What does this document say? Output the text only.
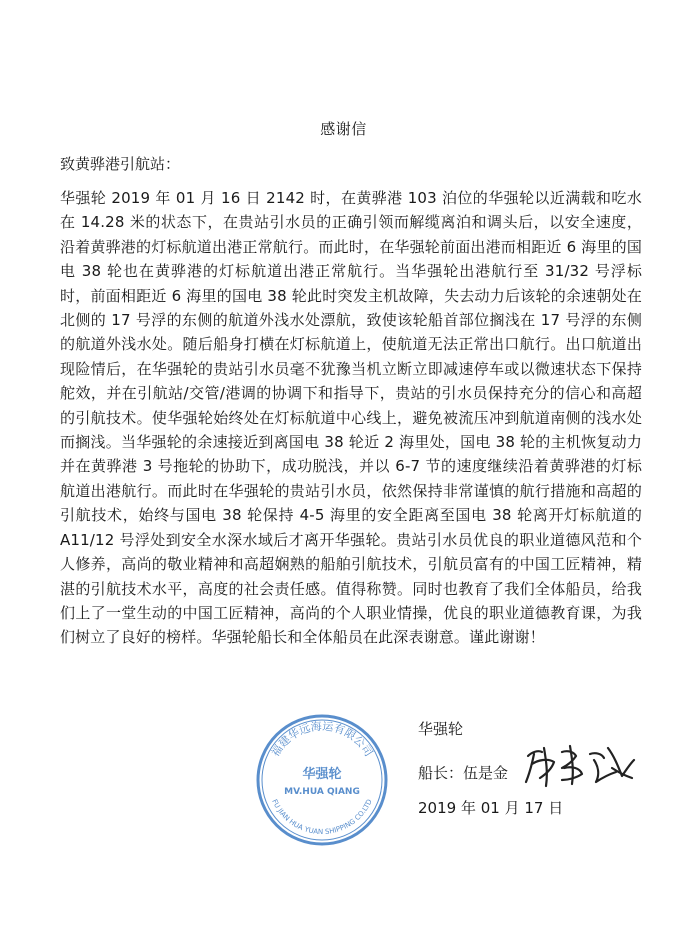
感谢信
致黄骅港引航站：

华强轮 2019 年 01 月 16 日 2142 时，在黄骅港 103 泊位的华强轮以近满载和吃水在 14.28 米的状态下，在贵站引水员的正确引领而解缆离泊和调头后，以安全速度，沿着黄骅港的灯标航道出港正常航行。而此时，在华强轮前面出港而相距近 6 海里的国电 38 轮也在黄骅港的灯标航道出港正常航行。当华强轮出港航行至 31/32 号浮标时，前面相距近 6 海里的国电 38 轮此时突发主机故障，失去动力后该轮的余速朝处在北侧的 17 号浮的东侧的航道外浅水处漂航，致使该轮船首部位搁浅在 17 号浮的东侧的航道外浅水处。随后船身打横在灯标航道上，使航道无法正常出口航行。出口航道出现险情后，在华强轮的贵站引水员毫不犹豫当机立断立即减速停车或以微速状态下保持舵效，并在引航站/交管/港调的协调下和指导下，贵站的引水员保持充分的信心和高超的引航技术。使华强轮始终处在灯标航道中心线上，避免被流压冲到航道南侧的浅水处而搁浅。当华强轮的余速接近到离国电 38 轮近 2 海里处，国电 38 轮的主机恢复动力并在黄骅港 3 号拖轮的协助下，成功脱浅，并以 6-7 节的速度继续沿着黄骅港的灯标航道出港航行。而此时在华强轮的贵站引水员，依然保持非常谨慎的航行措施和高超的引航技术，始终与国电 38 轮保持 4-5 海里的安全距离至国电 38 轮离开灯标航道的 A11/12 号浮处到安全水深水域后才离开华强轮。贵站引水员优良的职业道德风范和个人修养，高尚的敬业精神和高超娴熟的船舶引航技术，引航员富有的中国工匠精神，精湛的引航技术水平，高度的社会责任感。值得称赞。同时也教育了我们全体船员，给我们上了一堂生动的中国工匠精神，高尚的个人职业情操，优良的职业道德教育课，为我们树立了良好的榜样。华强轮船长和全体船员在此深表谢意。谨此谢谢！

福建华远海运有限公司
华强轮
MV.HUA QIANG
FU JIAN HUA YUAN SHIPPING CO.LTD
华强轮
船长：伍是金
2019 年 01 月 17 日
